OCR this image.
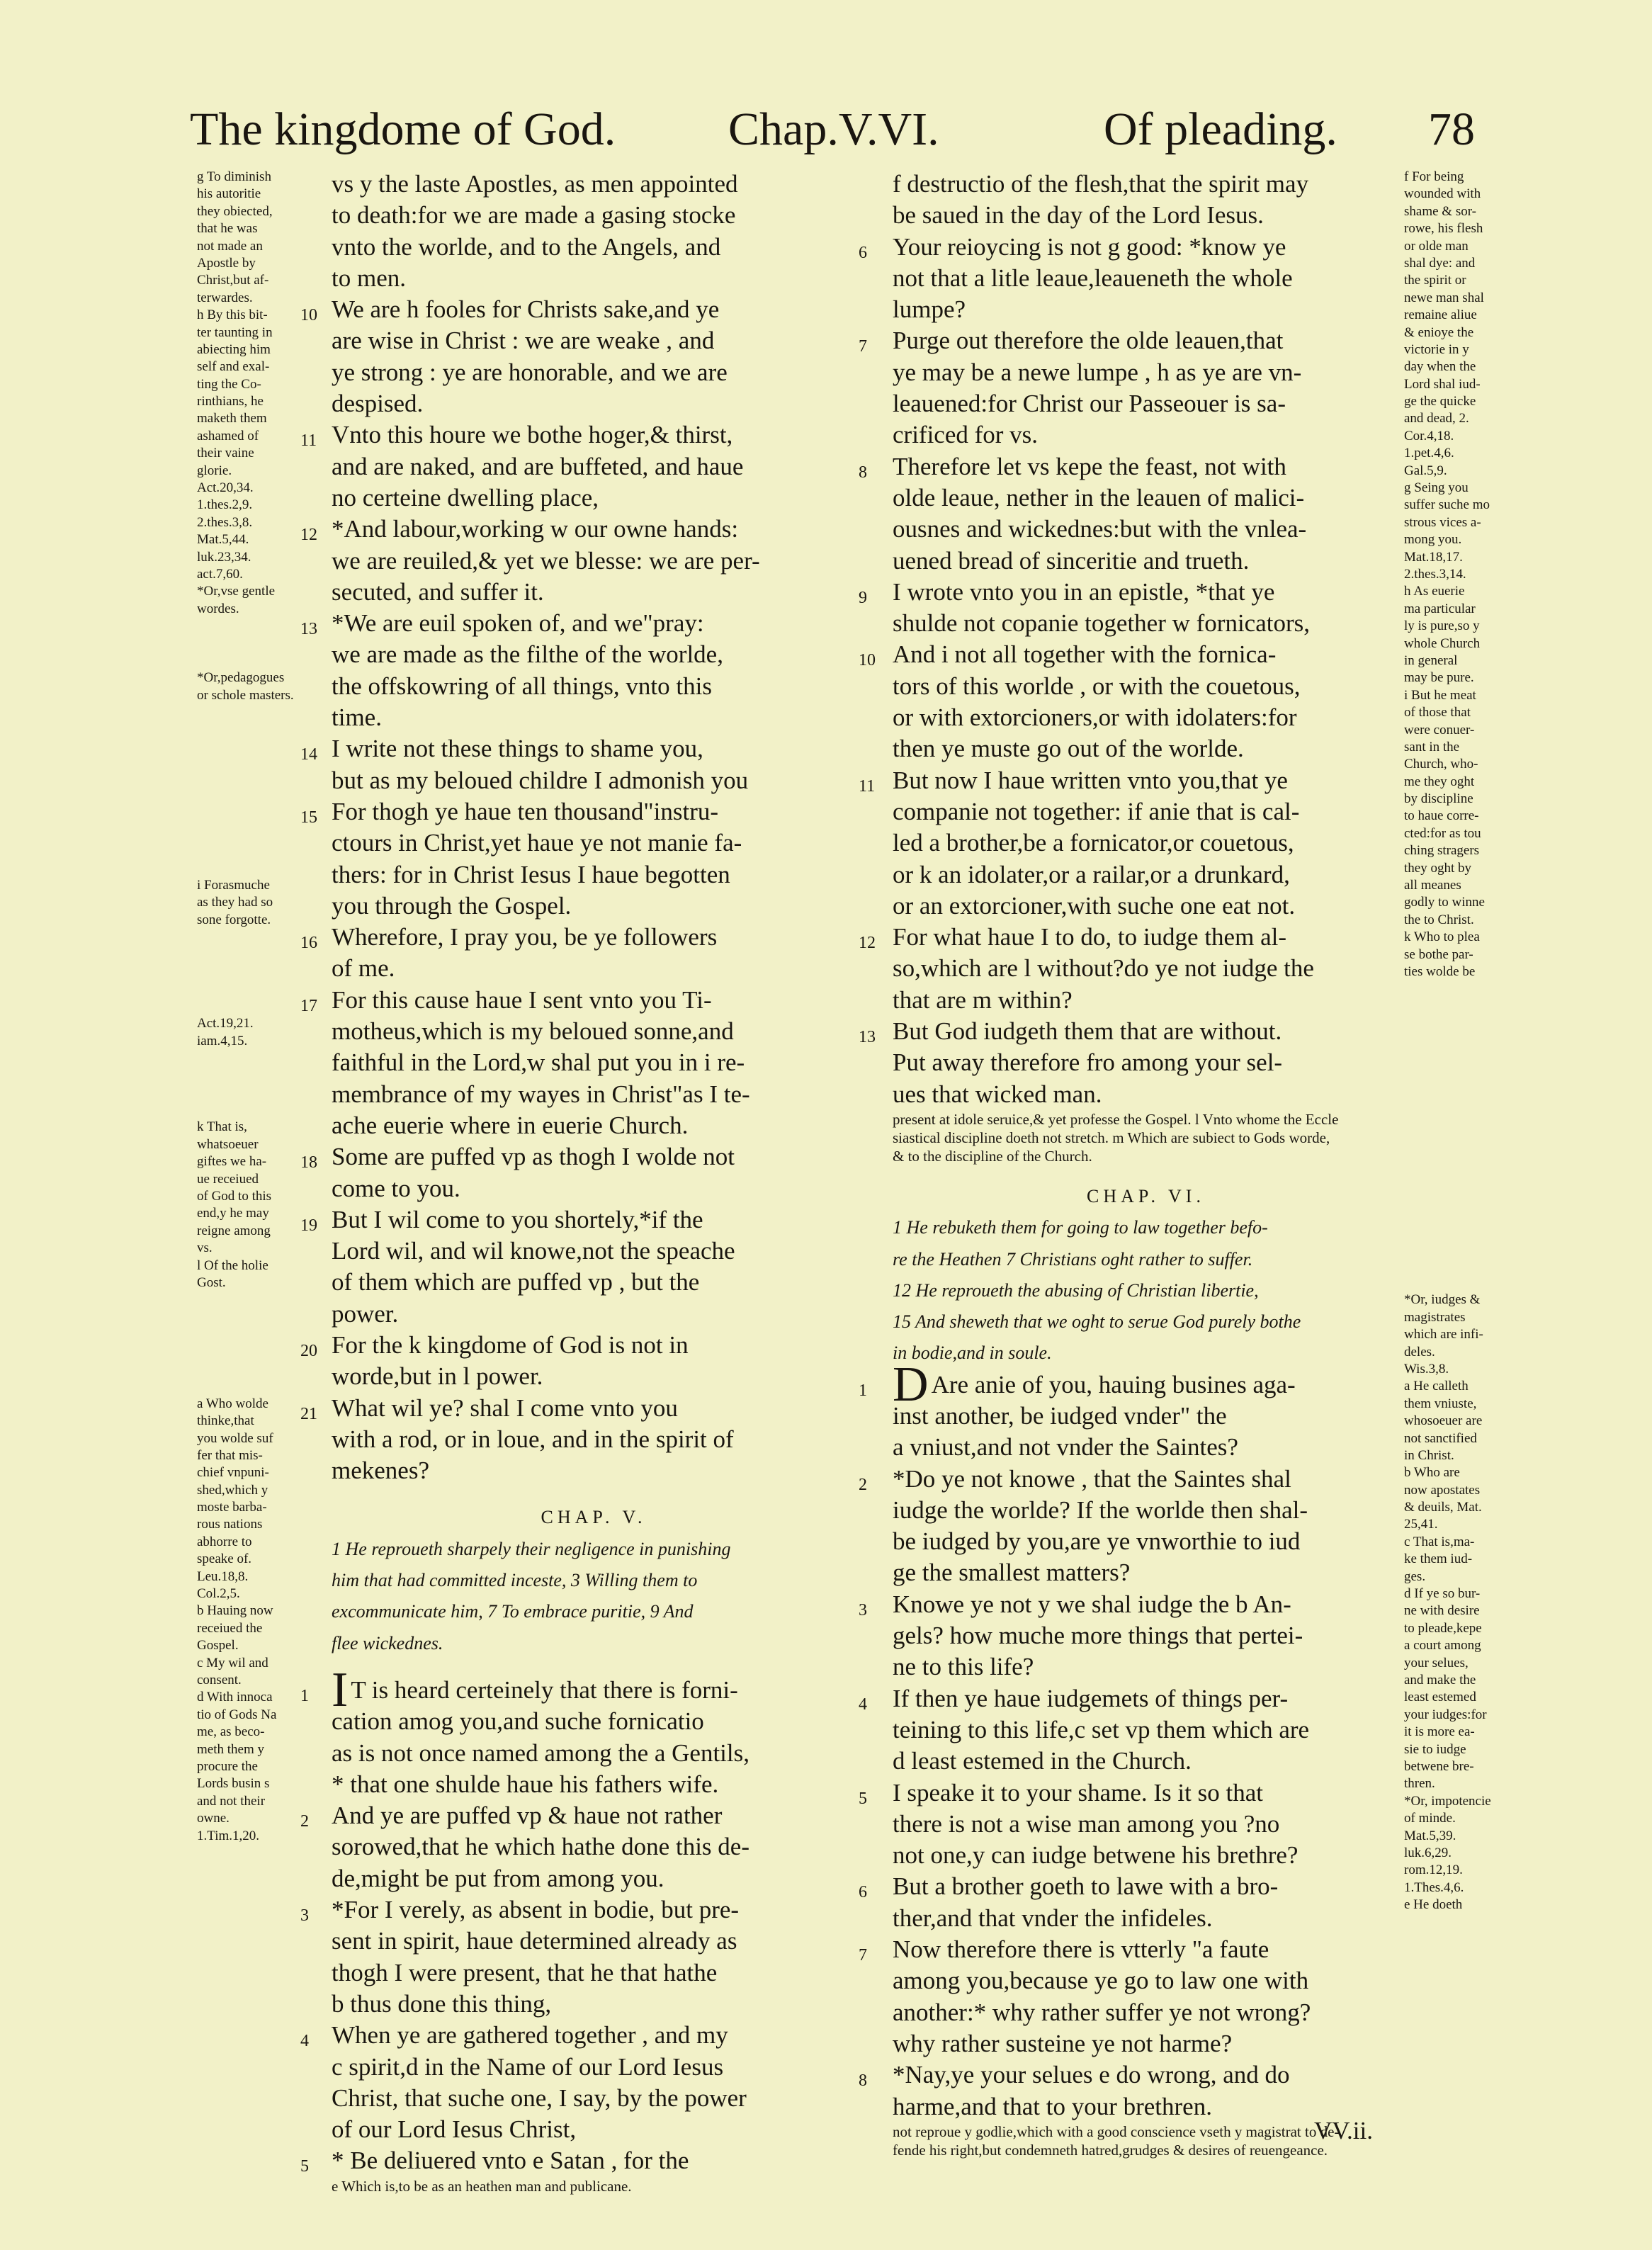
The kingdome of God. Chap.V.VI.	Of pleading. 78
g To diminish
his autoritie
they obiected,
that he was
not made an
Apostle by
Christ,but af-
terwardes.
h By this bit-
ter taunting in
abiecting him
self and exal-
ting the Co-
rinthians, he
maketh them
ashamed of
their vaine
glorie.
Act.20,34.
1.thes.2,9.
2.thes.3,8.
Mat.5,44.
luk.23,34.
act.7,60.
*Or,vse gentle
wordes.
*Or,pedagogues
or schole masters.
i Forasmuche
as they had so
sone forgotte.
Act.19,21.
iam.4,15.
k That is,
whatsoeuer
giftes we ha-
ue receiued
of God to this
end,y he may
reigne among
vs.
l Of the holie
Gost.
a Who wolde
thinke,that
you wolde suf
fer that mis-
chief vnpuni-
shed,which y
moste barba-
rous nations
abhorre to
speake of.
Leu.18,8.
Col.2,5.
b Hauing now
receiued the
Gospel.
c My wil and
consent.
d With innoca
tio of Gods Na
me, as beco-
meth them y
procure the
Lords busin s
and not their
owne.
1.Tim.1,20.
vs y the laste Apostles, as men appointed
to death:for we are made a gasing stocke
vnto the worlde, and to the Angels, and
to men.
10 We are h fooles for Christs sake,and ye
are wise in Christ : we are weake , and
ye strong : ye are honorable, and we are
despised.
11 Vnto this houre we bothe hoger,& thirst,
and are naked, and are buffeted, and haue
no certeine dwelling place,
12 *And labour,working w our owne hands:
we are reuiled,& yet we blesse: we are per-
secuted, and suffer it.
13 *We are euil spoken of, and we"pray:
we are made as the filthe of the worlde,
the offskowring of all things, vnto this
time.
14 I write not these things to shame you,
but as my beloued childre I admonish you
15 For thogh ye haue ten thousand"instru-
ctours in Christ,yet haue ye not manie fa-
thers: for in Christ Iesus I haue begotten
you through the Gospel.
16 Wherefore, I pray you, be ye followers
of me.
17 For this cause haue I sent vnto you Ti-
motheus,which is my beloued sonne,and
faithful in the Lord,w shal put you in i re-
membrance of my wayes in Christ"as I te-
ache euerie where in euerie Church.
18 Some are puffed vp as thogh I wolde not
come to you.
19 But I wil come to you shortely,*if the
Lord wil, and wil knowe,not the speache
of them which are puffed vp , but the
power.
20 For the k kingdome of God is not in
worde,but in l power.
21 What wil ye? shal I come vnto you
with a rod, or in loue, and in the spirit of
mekenes?
CHAP. V.
1 He reproueth sharpely their negligence in punishing
him that had committed inceste, 3 Willing them to
excommunicate him, 7 To embrace puritie, 9 And
flee wickednes.
1 I T is heard certeinely that there is forni-
cation amog you,and suche fornicatio
as is not once named among the a Gentils,
* that one shulde haue his fathers wife.
2 And ye are puffed vp & haue not rather
sorowed,that he which hathe done this de-
de,might be put from among you.
3 *For I verely, as absent in bodie, but pre-
sent in spirit, haue determined already as
thogh I were present, that he that hathe
b thus done this thing,
4 When ye are gathered together , and my
c spirit,d in the Name of our Lord Iesus
Christ, that suche one, I say, by the power
of our Lord Iesus Christ,
5 * Be deliuered vnto e Satan , for the
e Which is,to be as an heathen man and publicane.
f destructio of the flesh,that the spirit may
be saued in the day of the Lord Iesus.
6 Your reioycing is not g good: *know ye
not that a litle leaue,leaueneth the whole
lumpe?
7 Purge out therefore the olde leauen,that
ye may be a newe lumpe , h as ye are vn-
leauened:for Christ our Passeouer is sa-
crificed for vs.
8 Therefore let vs kepe the feast, not with
olde leaue, nether in the leauen of malici-
ousnes and wickednes:but with the vnlea-
uened bread of sinceritie and trueth.
9 I wrote vnto you in an epistle, *that ye
shulde not copanie together w fornicators,
10 And i not all together with the fornica-
tors of this worlde , or with the couetous,
or with extorcioners,or with idolaters:for
then ye muste go out of the worlde.
11 But now I haue written vnto you,that ye
companie not together: if anie that is cal-
led a brother,be a fornicator,or couetous,
or k an idolater,or a railar,or a drunkard,
or an extorcioner,with suche one eat not.
12 For what haue I to do, to iudge them al-
so,which are l without?do ye not iudge the
that are m within?
13 But God iudgeth them that are without.
Put away therefore fro among your sel-
ues that wicked man.
present at idole seruice,& yet professe the Gospel. l Vnto whome the Eccle
siastical discipline doeth not stretch. m Which are subiect to Gods worde,
& to the discipline of the Church.
CHAP. VI.
1 He rebuketh them for going to law together befo-
re the Heathen 7 Christians oght rather to suffer.
12 He reproueth the abusing of Christian libertie,
15 And sheweth that we oght to serue God purely bothe
in bodie,and in soule.
1 D Are anie of you, hauing busines aga-
inst another, be iudged vnder" the
a vniust,and not vnder the Saintes?
2 *Do ye not knowe , that the Saintes shal
iudge the worlde? If the worlde then shal-
be iudged by you,are ye vnworthie to iud
ge the smallest matters?
3 Knowe ye not y we shal iudge the b An-
gels? how muche more things that pertei-
ne to this life?
4 If then ye haue iudgemets of things per-
teining to this life,c set vp them which are
d least estemed in the Church.
5 I speake it to your shame. Is it so that
there is not a wise man among you ?no
not one,y can iudge betwene his brethre?
6 But a brother goeth to lawe with a bro-
ther,and that vnder the infideles.
7 Now therefore there is vtterly "a faute
among you,because ye go to law one with
another:* why rather suffer ye not wrong?
why rather susteine ye not harme?
8 *Nay,ye your selues e do wrong, and do
harme,and that to your brethren.
not reproue y godlie,which with a good conscience vseth y magistrat to de-
fende his right,but condemneth hatred,grudges & desires of reuengeance.
f For being
wounded with
shame & sor-
rowe, his flesh
or olde man
shal dye: and
the spirit or
newe man shal
remaine aliue
& enioye the
victorie in y
day when the
Lord shal iud-
ge the quicke
and dead, 2.
Cor.4,18.
1.pet.4,6.
Gal.5,9.
g Seing you
suffer suche mo
strous vices a-
mong you.
Mat.18,17.
2.thes.3,14.
h As euerie
ma particular
ly is pure,so y
whole Church
in general
may be pure.
i But he meat
of those that
were conuer-
sant in the
Church, who-
me they oght
by discipline
to haue corre-
cted:for as tou
ching stragers
they oght by
all meanes
godly to winne
the to Christ.
k Who to plea
se bothe par-
ties wolde be
*Or, iudges &
magistrates
which are infi-
deles.
Wis.3,8.
a He calleth
them vniuste,
whosoeuer are
not sanctified
in Christ.
b Who are
now apostates
& deuils, Mat.
25,41.
c That is,ma-
ke them iud-
ges.
d If ye so bur-
ne with desire
to pleade,kepe
a court among
your selues,
and make the
least estemed
your iudges:for
it is more ea-
sie to iudge
betwene bre-
thren.
*Or, impotencie
of minde.
Mat.5,39.
luk.6,29.
rom.12,19.
1.Thes.4,6.
e He doeth
VV.ii.
